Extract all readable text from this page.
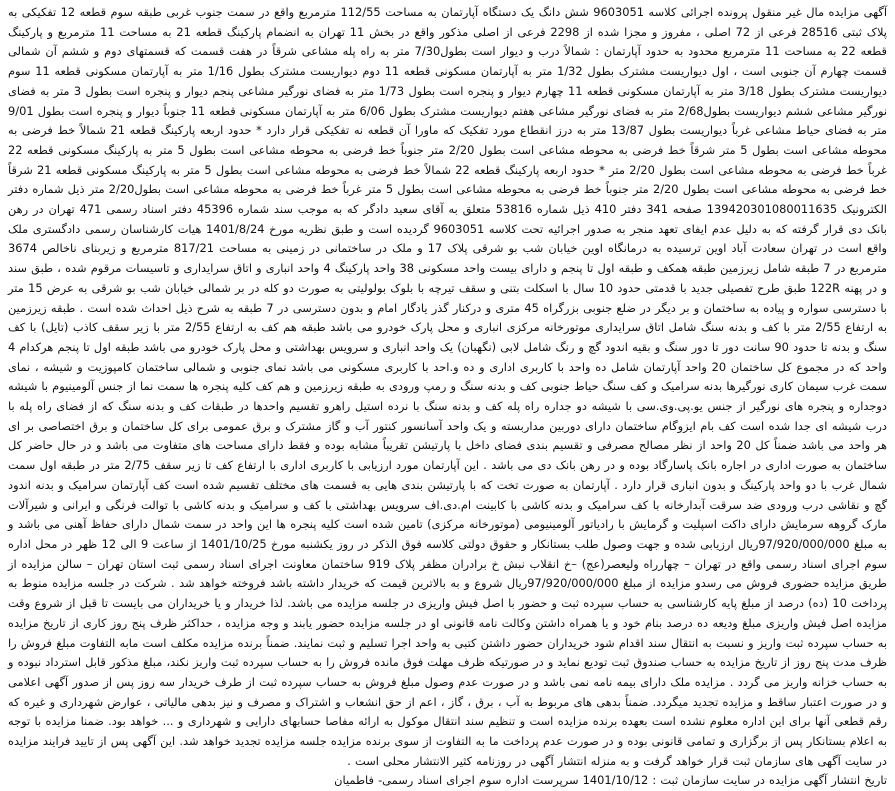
آگهی مزایده مال غیر منقول پرونده اجرائی کلاسه 9603051 شش دانگ یک دستگاه آپارتمان به مساحت 112/55 مترمربع واقع در سمت جنوب غربی طبقه سوم قطعه 12 تفکیکی به پلاک ثبتی 28516 فرعی از 72 اصلی ، مفروز و مجزا شده از 2298 فرعی از اصلی مذکور واقع در بخش 11 تهران به انضمام پارکینگ قطعه 21 به مساحت 11 مترمربع و پارکینگ قطعه 22 به مساحت 11 مترمربع محدود به حدود آپارتمان : شمالاً درب و دیوار است بطول7/30 متر به راه پله مشاعی شرقاً در هفت قسمت که قسمتهای دوم و ششم آن شمالی قسمت چهارم آن جنوبی است ، اول دیواریست مشترک بطول 1/32 متر به آپارتمان مسکونی قطعه 11 دوم دیواریست مشترک بطول 1/16 متر به آپارتمان مسکونی قطعه 11 سوم دیواریست مشترک بطول 3/18 متر به آپارتمان مسکونی قطعه 11 چهارم دیوار و پنجره است بطول 1/73 متر به فضای نورگیر مشاعی پنجم دیوار و پنجره است بطول 3 متر به فضای نورگیر مشاعی ششم دیواریست بطول2/68 متر به فضای نورگیر مشاعی هفتم دیواریست مشترک بطول 6/06 متر به آپارتمان مسکونی قطعه 11 جنوباً دیوار و پنجره است بطول 9/01 متر به فضای حیاط مشاعی غرباً دیواریست بطول 13/87 متر به درز انقطاع مورد تفکیک که ماورا آن قطعه نه تفکیکی قرار دارد * حدود اربعه پارکینگ قطعه 21 شمالاً خط فرضی به محوطه مشاعی است بطول 5 متر شرقاً خط فرضی به محوطه مشاعی است بطول 2/20 متر جنوباً خط فرضی به محوطه مشاعی است بطول 5 متر به پارکینگ مسکونی قطعه 22 غرباً خط فرضی به محوطه مشاعی است بطول 2/20 متر * حدود اربعه پارکینگ قطعه 22 شمالاً خط فرضی به محوطه مشاعی است بطول 5 متر به پارکینگ مسکونی قطعه 21 شرقاً خط فرضی به محوطه مشاعی است بطول 2/20 متر جنوباً خط فرضی به محوطه مشاعی است بطول 5 متر غرباً خط فرضی به محوطه مشاعی است بطول2/20 متر ذیل شماره دفتر الکترونیک 139420301080011635 صفحه 341 دفتر 410 ذیل شماره 53816 متعلق به آقای سعید دادگر که به موجب سند شماره 45396 دفتر اسناد رسمی 471 تهران در رهن بانک دی قرار گرفته که به دلیل عدم ایفای تعهد منجر به صدور اجرائیه تحت کلاسه 9603051 گردیده است و طبق نظریه مورخ 1401/8/24 هیات کارشناسان رسمی دادگستری ملک واقع است در تهران سعادت آباد اوین ترسیده به درمانگاه اوین خیابان شب بو شرقی پلاک 17 و ملک در ساختمانی در زمینی به مساحت 817/21 مترمربع و زیربنای ناخالص 3674 مترمربع در 7 طبقه شامل زیرزمین طبقه همکف و طبقه اول تا پنجم و دارای بیست واحد مسکونی 38 واحد پارکینگ 4 واحد انباری و اتاق سرایداری و تاسیسات مرقوم شده ، طبق سند و در پهنه 122R طبق طرح تفصیلی جدید با قدمتی حدود 10 سال با اسکلت بتنی و سقف تیرچه با بلوک بولولیتی به صورت دو کله در بر شمالی خیابان شب بو شرقی به عرض 15 متر با دسترسی سواره و پیاده به ساختمان و بر دیگر در ضلع جنوبی بزرگراه 45 متری و درکنار گذر یادگار امام و بدون دسترسی در 7 طبقه به شرح ذیل احداث شده است . طبقه زیرزمین به ارتفاع 2/55 متر با کف و بدنه سنگ شامل اتاق سرایداری موتورخانه مرکزی انباری و محل پارک خودرو می باشد طبقه هم کف به ارتفاع 2/55 متر با زیر سقف کاذب (تایل) با کف سنگ و بدنه تا حدود 90 سانت دور تا دور سنگ و بقیه اندود گچ و رنگ شامل لابی (نگهبان) یک واحد انباری و سرویس بهداشتی و محل پارک خودرو می باشد طبقه اول تا پنجم هرکدام 4 واحد که در مجموع کل ساختمان 20 واحد آپارتمان شامل ده واحد با کاربری اداری و ده و.احد با کاربری مسکونی می باشد نمای جنوبی و شمالی ساختمان کامپوزیت و شیشه ، نمای سمت غرب سیمان کاری نورگیرها بدنه سرامیک و کف سنگ حیاط جنوبی کف و بدنه سنگ و رمپ ورودی به طبقه زیرزمین و هم کف کلیه پنجره ها سمت نما از جنس آلومینیوم با شیشه دوجداره و پنجره های نورگیر از جنس یو.پی.وی.سی با شیشه دو جداره راه پله کف و بدنه سنگ با نرده استیل راهرو تقسیم واحدها در طبقات کف و بدنه سنگ که از فضای راه پله با درب شیشه ای جدا شده است کف بام ایزوگام ساختمان دارای دوربین مداربسته و یک واحد آسانسور کنتور آب و گاز مشترک و برق عمومی برای کل ساختمان و برق اختصاصی بر ای هر واحد می باشد ضمناً کل 20 واحد از نظر مصالح مصرفی و تقسیم بندی فضای داخل با پارتیشن تقریباً مشابه بوده و فقط دارای مساحت های متفاوت می باشد و در حال حاضر کل ساختمان به صورت اداری در اجاره بانک پاسارگاد بوده و در رهن بانک دی می باشد . این آپارتمان مورد ارزیابی با کاربری اداری با ارتفاع کف تا زیر سقف 2/75 متر در طبقه اول سمت شمال غرب با دو واحد پارکینگ و بدون انباری قرار دارد . آپارتمان به صورت تخت که با پارتیشن بندی هایی به قسمت های مختلف تقسیم شده است کف آپارتمان سرامیک و بدنه اندود گچ و نقاشی درب ورودی ضد سرقت آبدارخانه با کف سرامیک و بدنه کاشی با کابینت ام.دی.اف سرویس بهداشتی با کف و سرامیک و بدنه کاشی با توالت فرنگی و ایرانی و شیرآلات مارک گروهه سرمایش دارای داکت اسپلیت و گرمایش با رادیاتور آلومینیومی (موتورخانه مرکزی) تامین شده است کلیه پنجره ها این واحد در سمت شمال دارای حفاظ آهنی می باشد و به مبلغ 97/920/000/000ریال ارزیابی شده و جهت وصول طلب بستانکار و حقوق دولتی کلاسه فوق الذکر در روز یکشنبه مورخ 1401/10/25 از ساعت 9 الی 12 ظهر در محل اداره سوم اجرای اسناد رسمی واقع در تهران – چهارراه ولیعصر(عج) –خ انقلاب نبش خ برادران مظفر پلاک 919 ساختمان معاونت اجرای اسناد رسمی ثبت استان تهران – سالن مزایده از طریق مزایده حضوری فروش می رسدو مزایده از مبلغ 97/920/000/000ریال شروع و به بالاترین قیمت که خریدار داشته باشد فروخته خواهد شد . شرکت در جلسه مزایده منوط به پرداخت 10 (ده) درصد از مبلغ پایه کارشناسی به حساب سپرده ثبت و حضور با اصل فیش واریزی در جلسه مزایده می باشد. لذا خریدار و یا خریداران می بایست تا قبل از شروع وقت مزایده اصل فیش واریزی مبلغ ودیعه ده درصد بنام خود و یا همراه داشتن وکالت نامه قانونی او در جلسه مزایده حضور یابند و وجه مزایده ، حداکثر ظرف پنج روز کاری از تاریخ مزایده به حساب سپرده ثبت واریز و نسبت به انتقال سند اقدام شود خریداران حضور داشتن کتبی به واحد اجرا تسلیم و ثبت نمایند. ضمناً برنده مزایده مکلف است مابه التفاوت مبلغ فروش را ظرف مدت پنج روز از تاریخ مزایده به حساب صندوق ثبت تودیع نماید و در صورتیکه ظرف مهلت فوق مانده فروش را به حساب سپرده ثبت واریز نکند، مبلغ مذکور قابل استرداد نبوده و به حساب خزانه واریز می گردد . مزایده ملک دارای بیمه نامه نمی باشد و در صورت عدم وصول مبلغ فروش به حساب سپرده ثبت از طرف خریدار سه روز پس از صدور آگهی اعلامی و در صورت اعتبار ساقط و مزایده تجدید میگردد. ضمناً بدهی های مربوط به آب ، برق ، گاز ، اعم از حق انشعاب و اشتراک و مصرف و نیز بدهی مالیاتی ، عوارض شهرداری و غیره که رقم قطعی آنها برای این اداره معلوم نشده است بعهده برنده مزایده است و تنظیم سند انتقال موکول به ارائه مفاصا حسابهای دارایی و شهرداری و ... خواهد بود. ضمنا مزایده با توجه به اعلام بستانکار پس از برگزاری و تمامی قانونی بوده و در صورت عدم پرداخت ما به التفاوت از سوی برنده مزایده جلسه مزایده تجدید خواهد شد. این آگهی پس از تایید فرایند مزایده در سایت آگهی های سازمان ثبت قرار خواهد گرفت و به منزله انتشار آگهی در روزنامه کثیر الانتشار محلی است .

تاریخ انتشار آگهی مزایده در سایت سازمان ثبت : 1401/10/12 سرپرست اداره سوم اجرای اسناد رسمی- فاطمیان
